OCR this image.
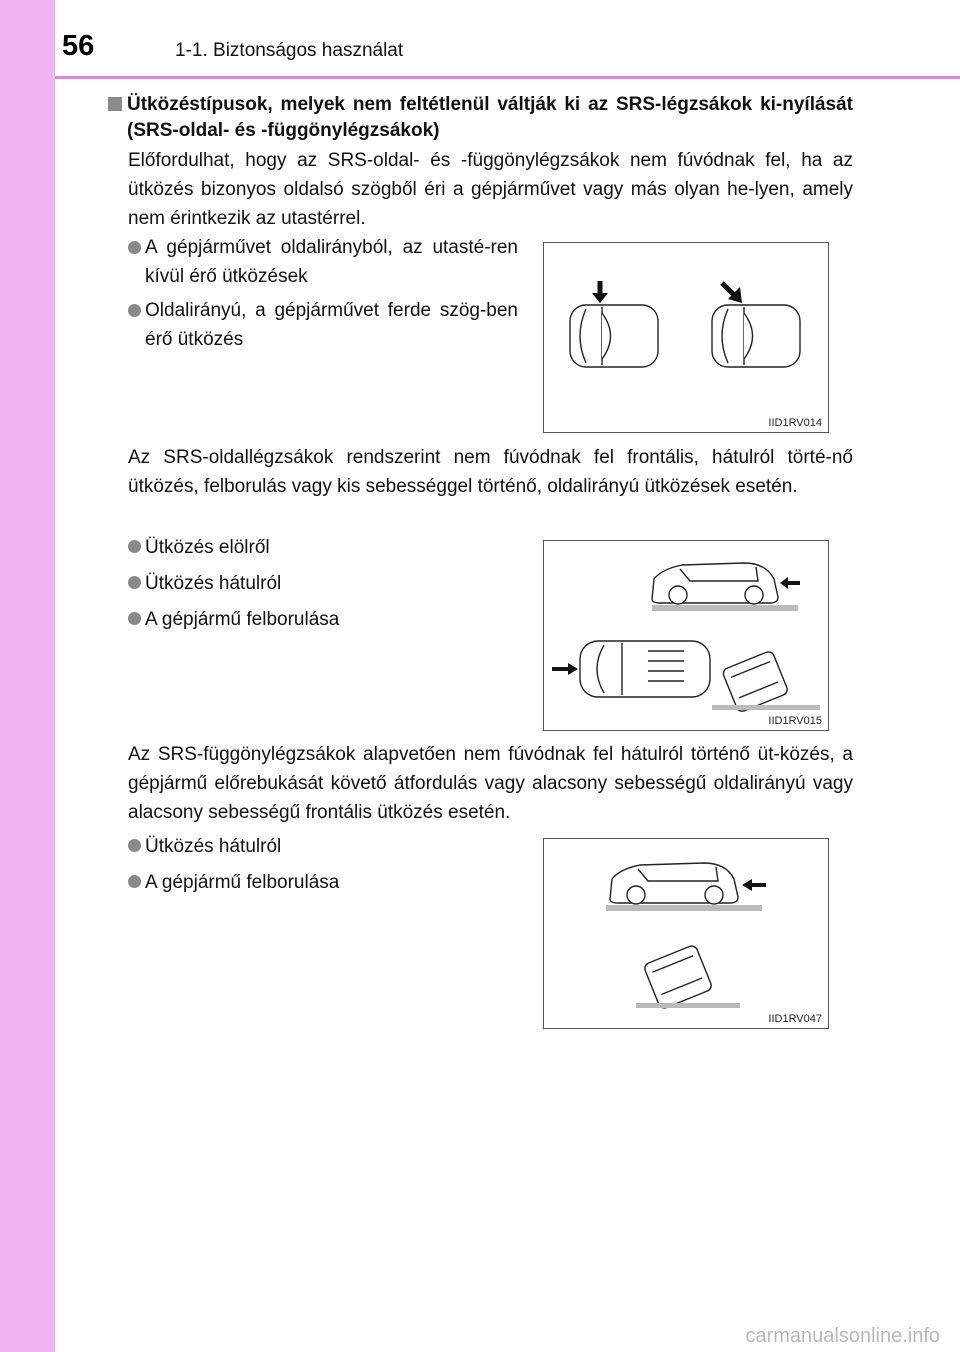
56	1-1. Biztonságos használat
Ütközéstípusok, melyek nem feltétlenül váltják ki az SRS-légzsákok ki-nyílását (SRS-oldal- és -függönylégzsákok)
Előfordulhat, hogy az SRS-oldal- és -függönylégzsákok nem fúvódnak fel, ha az ütközés bizonyos oldalsó szögből éri a gépjárművet vagy más olyan he-lyen, amely nem érintkezik az utastérrel.
A gépjárművet oldalirányból, az utasté-ren kívül érő ütközések
Oldalirányú, a gépjárművet ferde szög-ben érő ütközés
IID1RV014
Az SRS-oldallégzsákok rendszerint nem fúvódnak fel frontális, hátulról törté-nő ütközés, felborulás vagy kis sebességgel történő, oldalirányú ütközések esetén.
Ütközés elölről
Ütközés hátulról
A gépjármű felborulása
IID1RV015
Az SRS-függönylégzsákok alapvetően nem fúvódnak fel hátulról történő üt-közés, a gépjármű előrebukását követő átfordulás vagy alacsony sebességű oldalirányú vagy alacsony sebességű frontális ütközés esetén.
Ütközés hátulról
A gépjármű felborulása
IID1RV047
carmanualsonline.info
